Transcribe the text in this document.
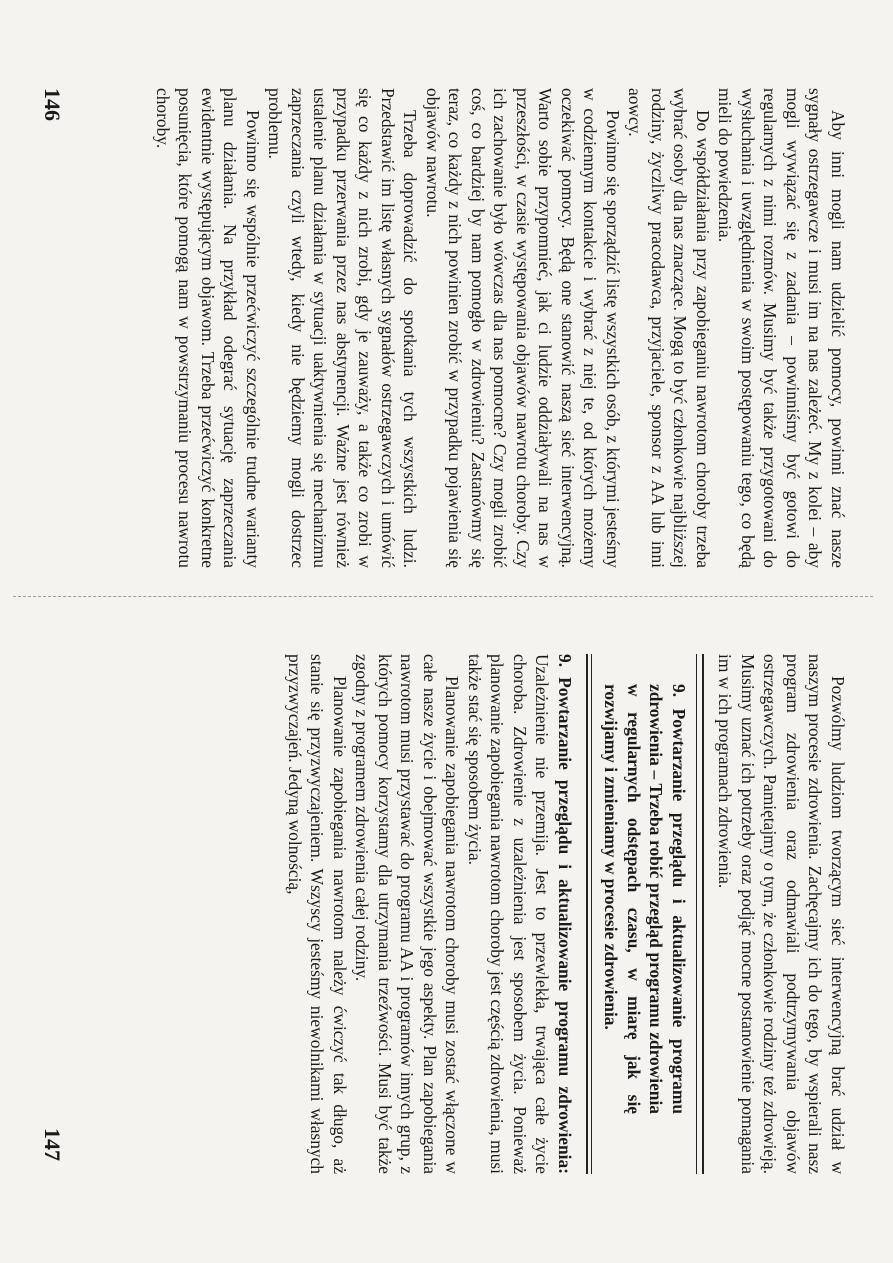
Aby inni mogli nam udzielić pomocy, powinni znać nasze sygnały ostrzegawcze i musi im na nas zależeć. My z kolei – aby mogli wywiązać się z zadania – powinniśmy być gotowi do regularnych z nimi rozmów. Musimy być także przygotowani do wysłuchania i uwzględnienia w swoim postępowaniu tego, co będą mieli do powiedzenia.

Do współdziałania przy zapobieganiu nawrotom choroby trzeba wybrać osoby dla nas znaczące. Mogą to być członkowie najbliższej rodziny, życzliwy pracodawca, przyjaciele, sponsor z AA lub inni aowcy.

Powinno się sporządzić listę wszystkich osób, z którymi jesteśmy w codziennym kontakcie i wybrać z niej te, od których możemy oczekiwać pomocy. Będą one stanowić naszą sieć interwencyjną. Warto sobie przypomnieć, jak ci ludzie oddziaływali na nas w przeszłości, w czasie występowania objawów nawrotu choroby. Czy ich zachowanie było wówczas dla nas pomocne? Czy mogli zrobić coś, co bardziej by nam pomogło w zdrowieniu? Zastanówmy się teraz, co każdy z nich powinien zrobić w przypadku pojawienia się objawów nawrotu.

Trzeba doprowadzić do spotkania tych wszystkich ludzi. Przedstawić im listę własnych sygnałów ostrzegawczych i umówić się co każdy z nich zrobi, gdy je zauważy, a także co zrobi w przypadku przerwania przez nas abstynencji. Ważne jest również ustalenie planu działania w sytuacji uaktywnienia się mechanizmu zaprzeczania czyli wtedy, kiedy nie będziemy mogli dostrzec problemu.

Powinno się wspólnie przećwiczyć szczególnie trudne warianty planu działania. Na przykład odegrać sytuację zaprzeczania ewidentnie występującym objawom. Trzeba przećwiczyć konkretne posunięcia, które pomogą nam w powstrzymaniu procesu nawrotu choroby.

146

Pozwólmy ludziom tworzącym sieć interwencyjną brać udział w naszym procesie zdrowienia. Zachęcajmy ich do tego, by wspierali nasz program zdrowienia oraz odmawiali podtrzymywania objawów ostrzegawczych. Pamiętajmy o tym, że członkowie rodziny też zdrowieją. Musimy uznać ich potrzeby oraz podjąć mocne postanowienie pomagania im w ich programach zdrowienia.

9. Powtarzanie przeglądu i aktualizowanie programu zdrowienia – Trzeba robić przegląd programu zdrowienia w regularnych odstępach czasu, w miarę jak się rozwijamy i zmieniamy w procesie zdrowienia.

9. Powtarzanie przeglądu i aktualizowanie programu zdrowienia: Uzależnienie nie przemija. Jest to przewlekła, trwająca całe życie choroba. Zdrowienie z uzależnienia jest sposobem życia. Ponieważ planowanie zapobiegania nawrotom choroby jest częścią zdrowienia, musi także stać się sposobem życia.

Planowanie zapobiegania nawrotom choroby musi zostać włączone w całe nasze życie i obejmować wszystkie jego aspekty. Plan zapobiegania nawrotom musi przystawać do programu AA i programów innych grup, z których pomocy korzystamy dla utrzymania trzeźwości. Musi być także zgodny z programem zdrowienia całej rodziny.

Planowanie zapobiegania nawrotom należy ćwiczyć tak długo, aż stanie się przyzwyczajeniem. Wszyscy jesteśmy niewolnikami własnych przyzwyczajeń. Jedyną wolnością,

147
